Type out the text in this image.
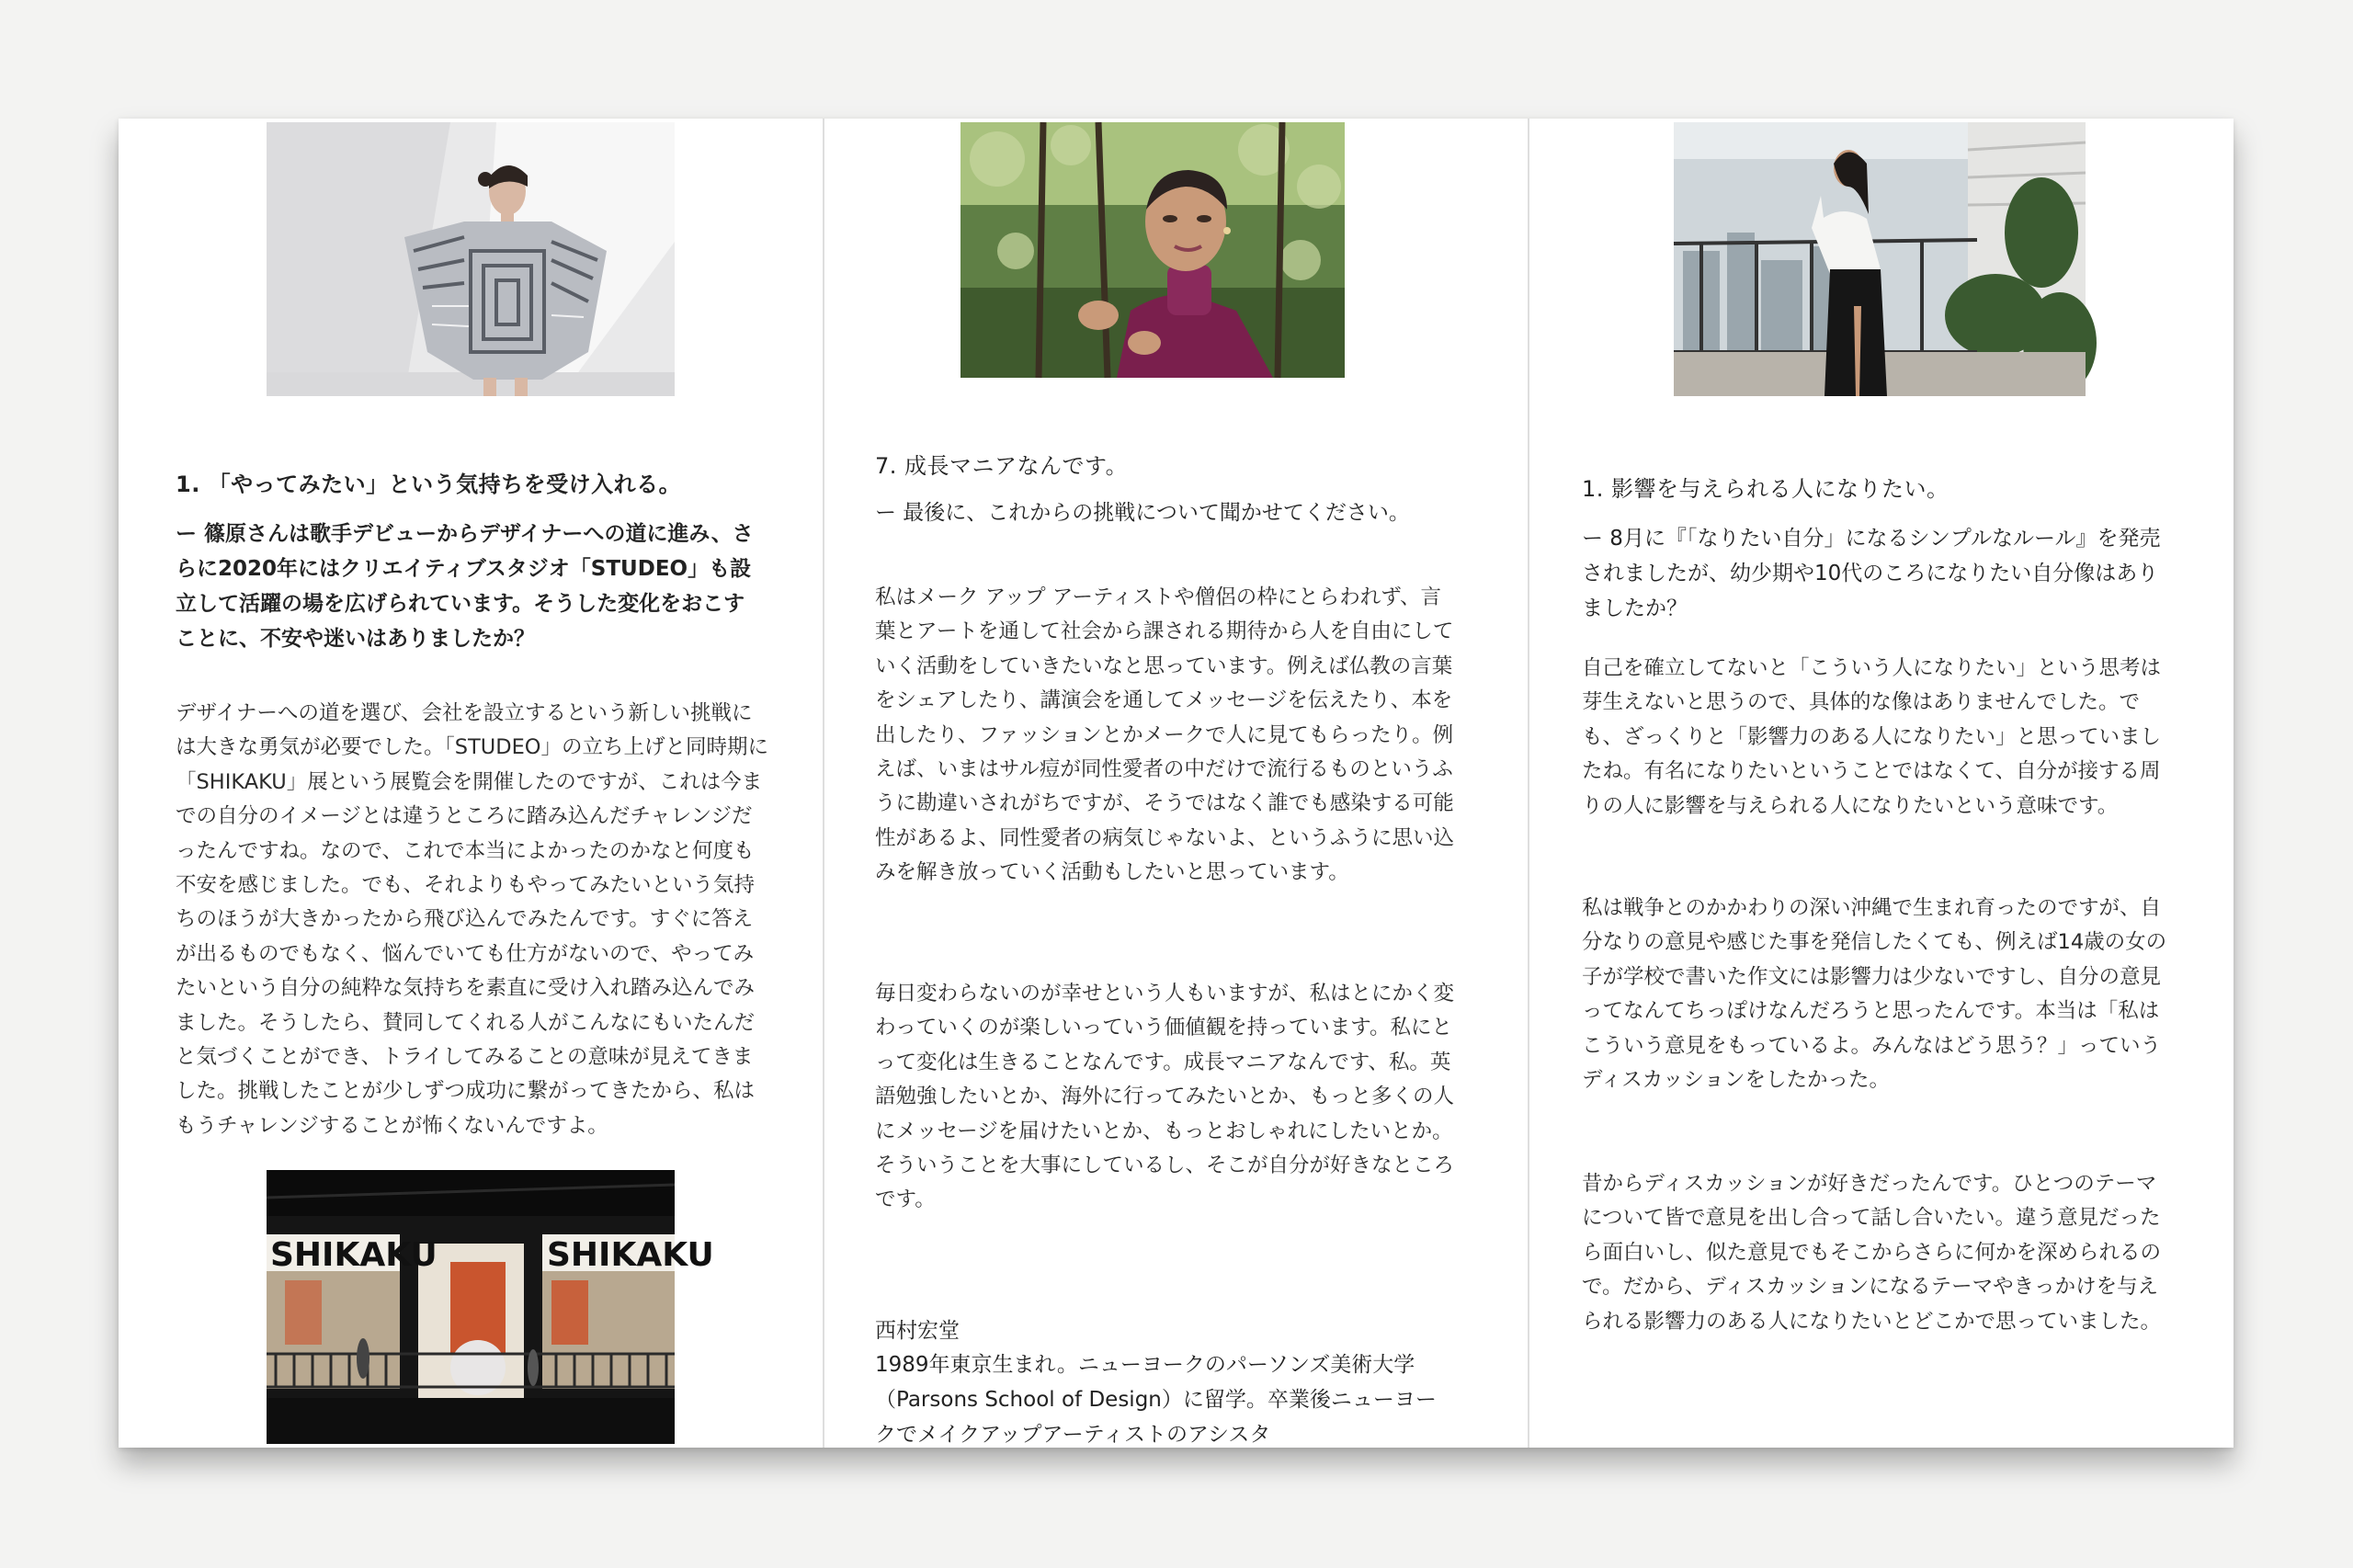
1. 「やってみたい」という気持ちを受け入れる。

ー 篠原さんは歌手デビューからデザイナーへの道に進み、さらに2020年にはクリエイティブスタジオ「STUDEO」も設立して活躍の場を広げられています。そうした変化をおこすことに、不安や迷いはありましたか？

デザイナーへの道を選び、会社を設立するという新しい挑戦には大きな勇気が必要でした。「STUDEO」の立ち上げと同時期に「SHIKAKU」展という展覧会を開催したのですが、これは今までの自分のイメージとは違うところに踏み込んだチャレンジだったんですね。なので、これで本当によかったのかなと何度も不安を感じました。でも、それよりもやってみたいという気持ちのほうが大きかったから飛び込んでみたんです。すぐに答えが出るものでもなく、悩んでいても仕方がないので、やってみたいという自分の純粋な気持ちを素直に受け入れ踏み込んでみました。そうしたら、賛同してくれる人がこんなにもいたんだと気づくことができ、トライしてみることの意味が見えてきました。挑戦したことが少しずつ成功に繋がってきたから、私はもうチャレンジすることが怖くないんですよ。

SHIKAKU	SHIKAKU

7. 成長マニアなんです。

ー 最後に、これからの挑戦について聞かせてください。

私はメーク アップ アーティストや僧侶の枠にとらわれず、言葉とアートを通して社会から課される期待から人を自由にしていく活動をしていきたいなと思っています。例えば仏教の言葉をシェアしたり、講演会を通してメッセージを伝えたり、本を出したり、ファッションとかメークで人に見てもらったり。例えば、いまはサル痘が同性愛者の中だけで流行るものというふうに勘違いされがちですが、そうではなく誰でも感染する可能性があるよ、同性愛者の病気じゃないよ、というふうに思い込みを解き放っていく活動もしたいと思っています。

毎日変わらないのが幸せという人もいますが、私はとにかく変わっていくのが楽しいっていう価値観を持っています。私にとって変化は生きることなんです。成長マニアなんです、私。英語勉強したいとか、海外に行ってみたいとか、もっと多くの人にメッセージを届けたいとか、もっとおしゃれにしたいとか。そういうことを大事にしているし、そこが自分が好きなところです。

西村宏堂

1989年東京生まれ。ニューヨークのパーソンズ美術大学（Parsons School of Design）に留学。卒業後ニューヨークでメイクアップアーティストのアシスタ

1. 影響を与えられる人になりたい。

ー 8月に『「なりたい自分」になるシンプルなルール』を発売されましたが、幼少期や10代のころになりたい自分像はありましたか？

自己を確立してないと「こういう人になりたい」という思考は芽生えないと思うので、具体的な像はありませんでした。でも、ざっくりと「影響力のある人になりたい」と思っていましたね。有名になりたいということではなくて、自分が接する周りの人に影響を与えられる人になりたいという意味です。

私は戦争とのかかわりの深い沖縄で生まれ育ったのですが、自分なりの意見や感じた事を発信したくても、例えば14歳の女の子が学校で書いた作文には影響力は少ないですし、自分の意見ってなんてちっぽけなんだろうと思ったんです。本当は「私はこういう意見をもっているよ。みんなはどう思う？」っていうディスカッションをしたかった。

昔からディスカッションが好きだったんです。ひとつのテーマについて皆で意見を出し合って話し合いたい。違う意見だったら面白いし、似た意見でもそこからさらに何かを深められるので。だから、ディスカッションになるテーマやきっかけを与えられる影響力のある人になりたいとどこかで思っていました。
